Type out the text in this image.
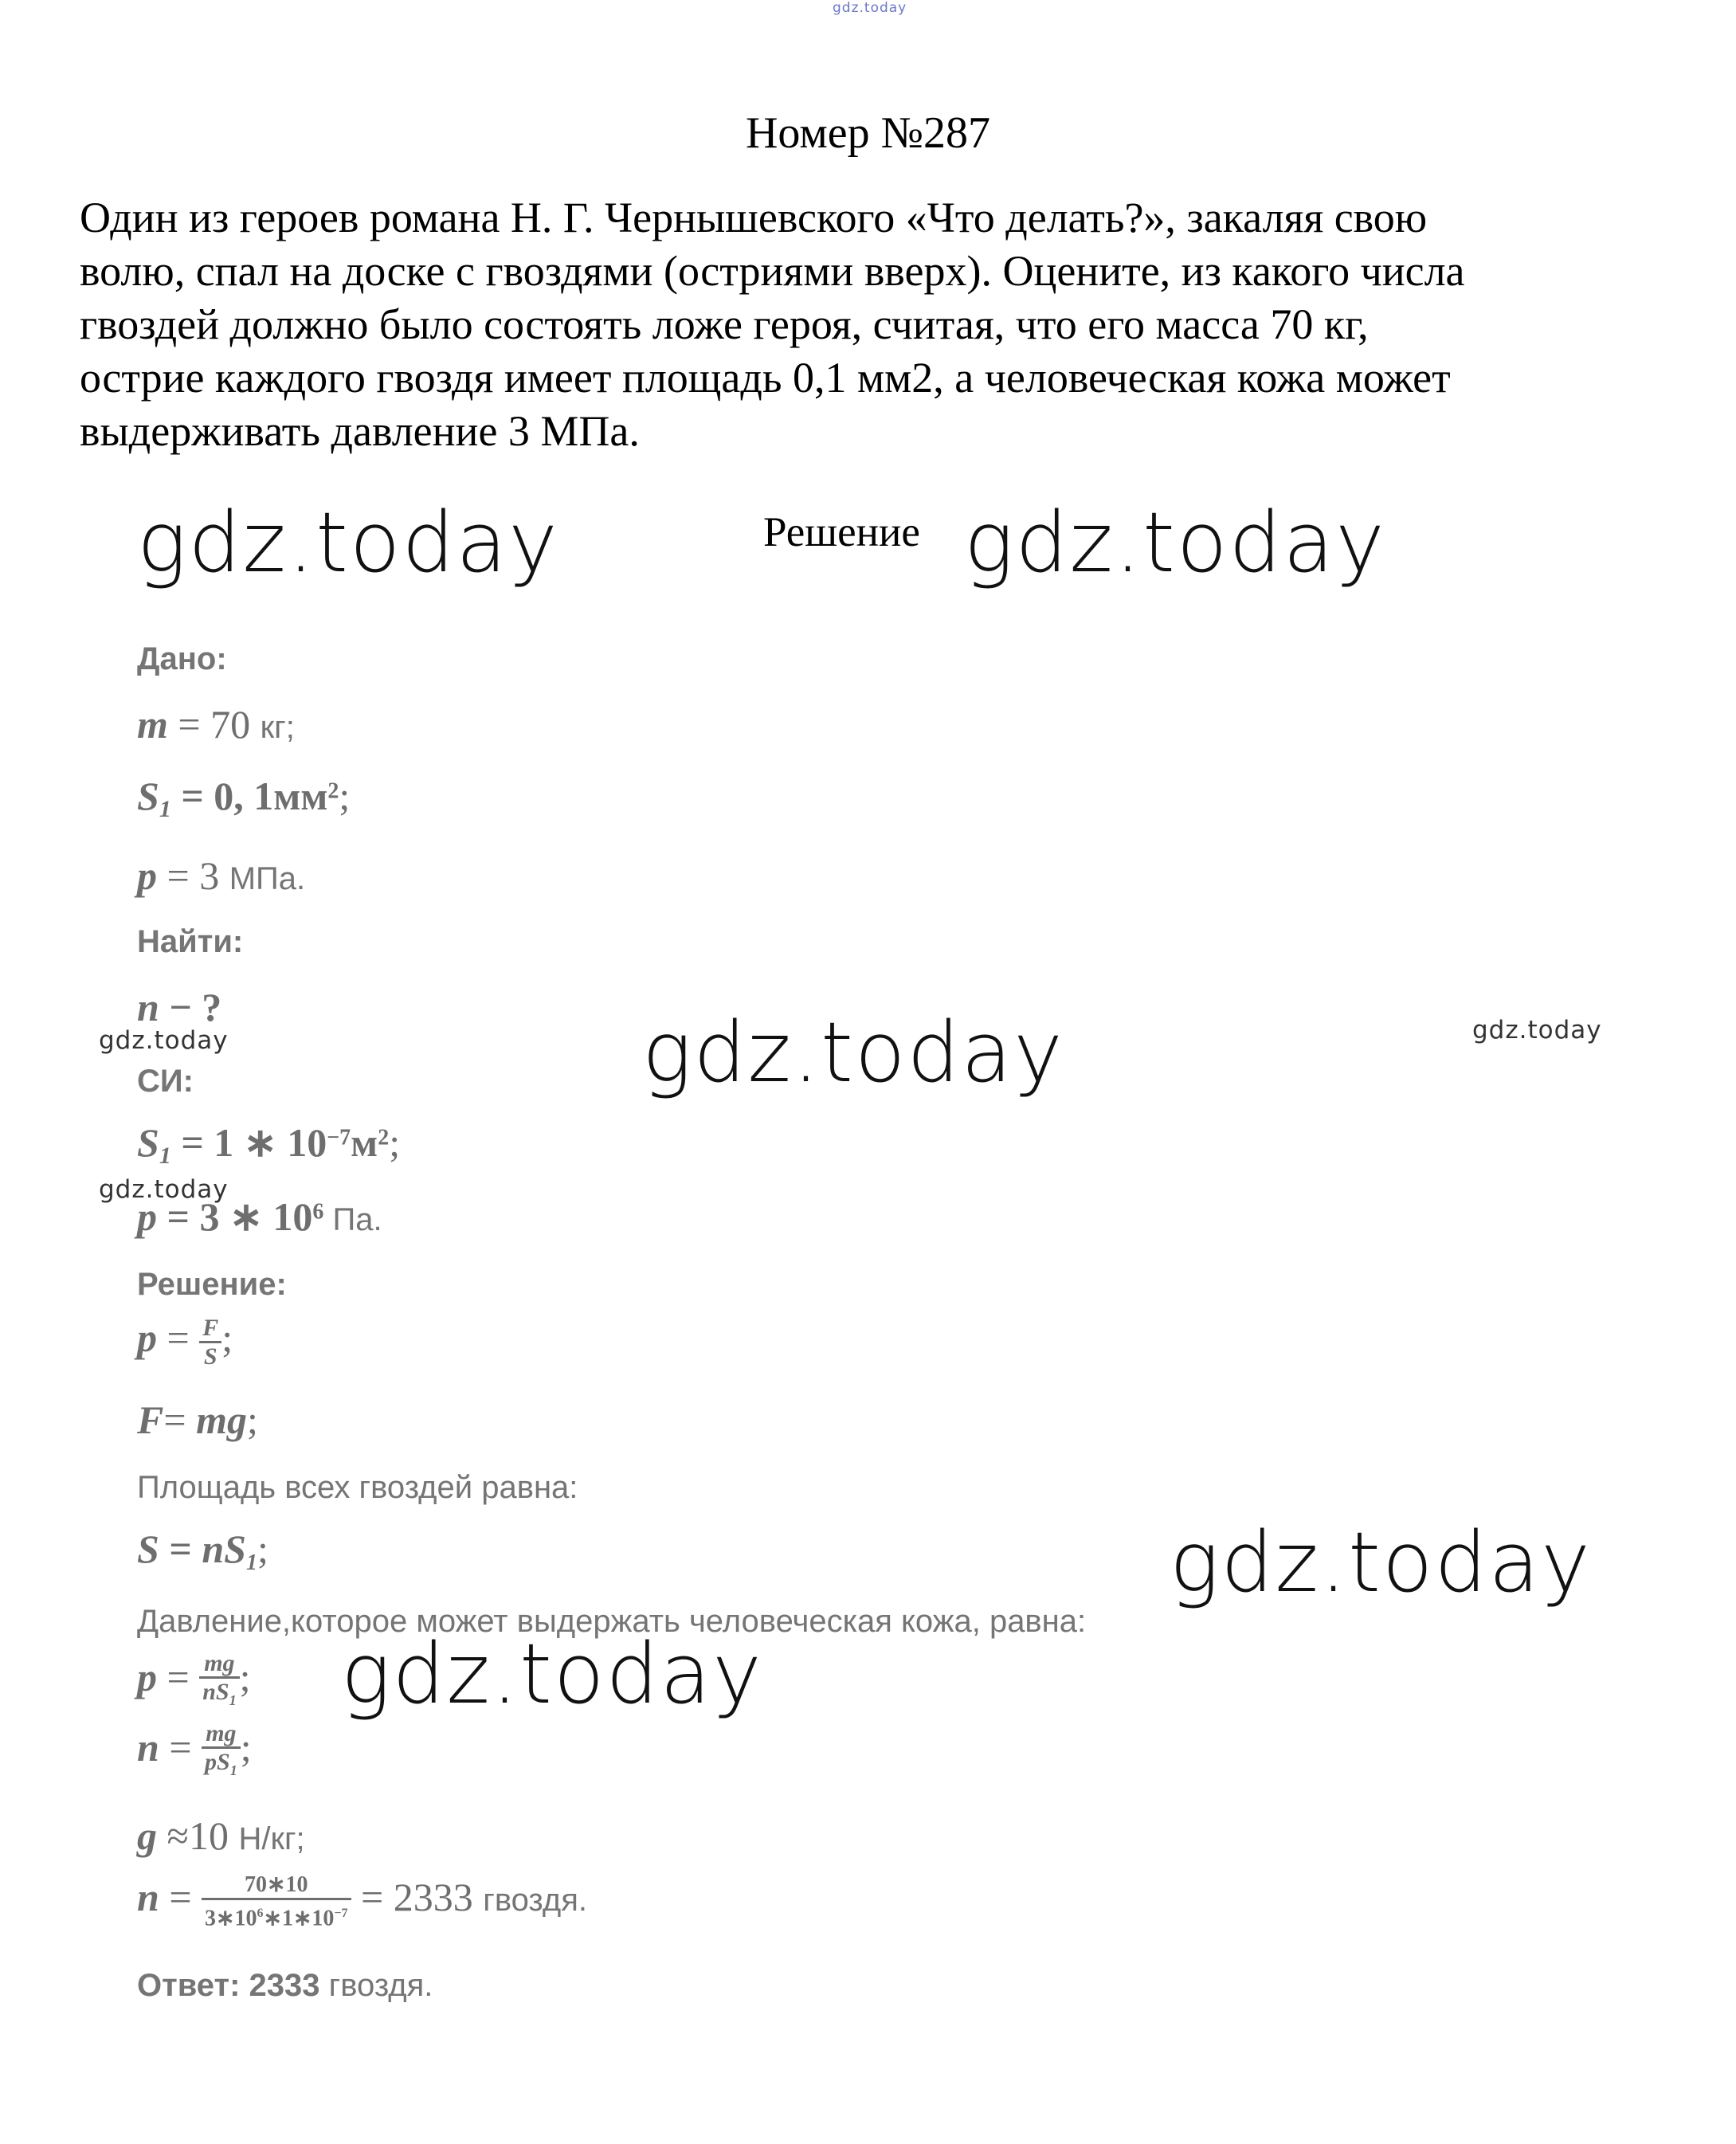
gdz.today
Номер №287
Один из героев романа Н. Г. Чернышевского «Что делать?», закаляя свою
волю, спал на доске с гвоздями (остриями вверх). Оцените, из какого числа
гвоздей должно было состоять ложе героя, считая, что его масса 70 кг,
острие каждого гвоздя имеет площадь 0,1 мм2, а человеческая кожа может
выдерживать давление 3 МПа.
gdz.today	Решение gdz.today
Дано:
m = 70 кг;
$S_1 = 0$, $1мм^2$;
p = 3 МПа.
Найти:
n − ?
gdz.today	gdz.today	gdz.today
СИ:
$S_1 = 1$ ∗ $10^{-7}м^2$;
gdz.today
p = 3 ∗ $10^6$ Па.
Решение:
$p = \frac{F}{S}$ ;
F= mg;
Площадь всех гвоздей равна:
$S = nS_1$;	gdz.today
Давление,которое может выдержать человеческая кожа, равна:
$p = \frac{mg}{nS_1}$ ; gdz.today
$n = \frac{mg}{pS_1}$ ;
g ≈10 Н/кг;
$n = \frac{70∗10}{3∗10^6∗1∗10^{-7}} = 2333$ гвоздя.
Ответ: 2333 гвоздя.
